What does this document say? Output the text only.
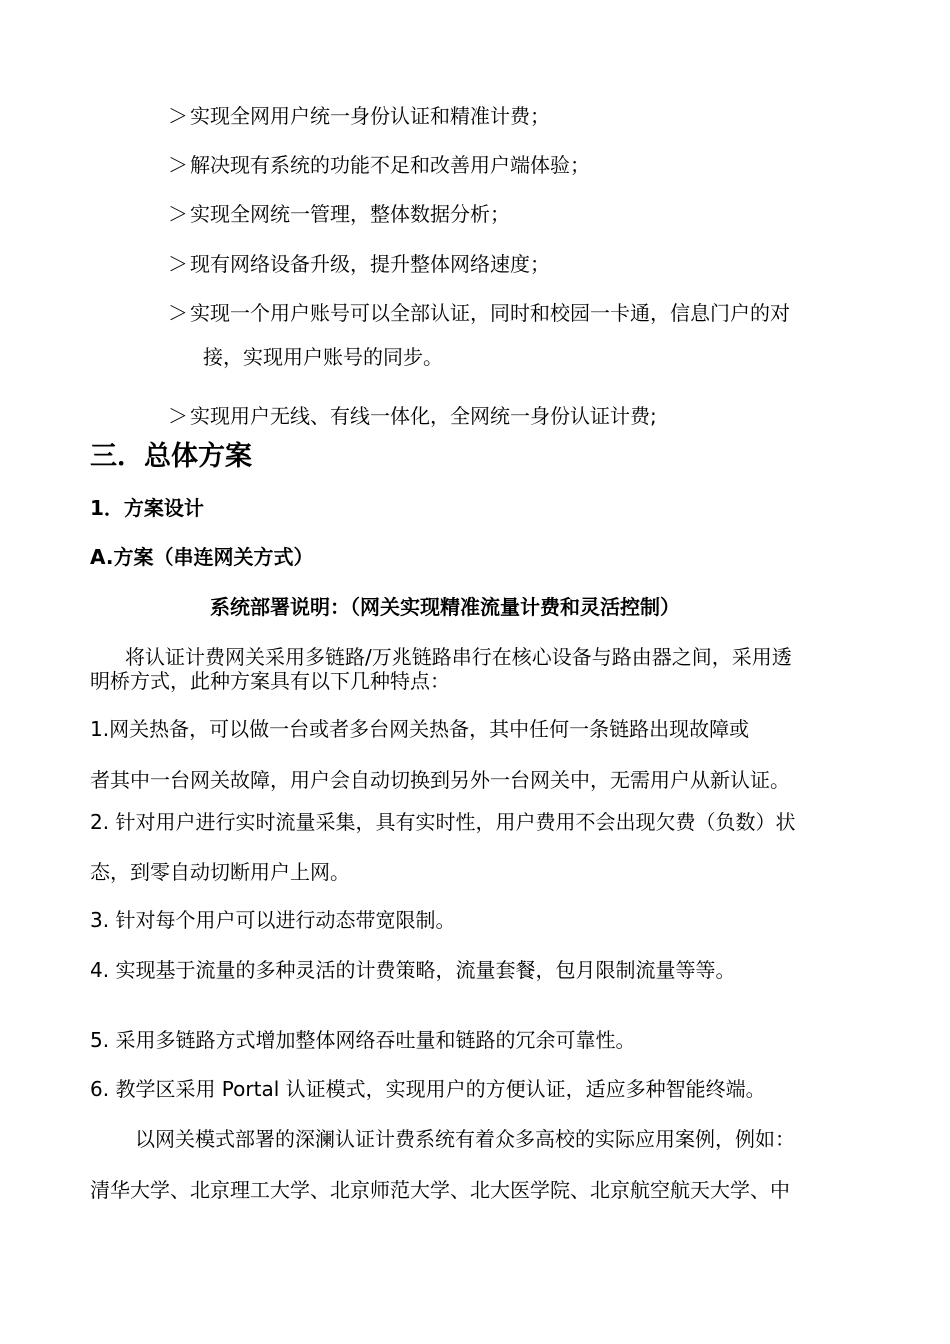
＞ 实现全网用户统一身份认证和精准计费；
＞ 解决现有系统的功能不足和改善用户端体验；
＞ 实现全网统一管理，整体数据分析；
＞ 现有网络设备升级，提升整体网络速度；
＞ 实现一个用户账号可以全部认证，同时和校园一卡通，信息门户的对
接，实现用户账号的同步。
＞ 实现用户无线、有线一体化，全网统一身份认证计费;
三．总体方案
1．方案设计
A.方案（串连网关方式）
系统部署说明：（网关实现精准流量计费和灵活控制）
将认证计费网关采用多链路/万兆链路串行在核心设备与路由器之间，采用透
明桥方式，此种方案具有以下几种特点：
1.网关热备，可以做一台或者多台网关热备，其中任何一条链路出现故障或
者其中一台网关故障，用户会自动切换到另外一台网关中，无需用户从新认证。
2. 针对用户进行实时流量采集，具有实时性，用户费用不会出现欠费（负数）状
态，到零自动切断用户上网。
3. 针对每个用户可以进行动态带宽限制。
4. 实现基于流量的多种灵活的计费策略，流量套餐，包月限制流量等等。
5. 采用多链路方式增加整体网络吞吐量和链路的冗余可靠性。
6. 教学区采用 Portal 认证模式，实现用户的方便认证，适应多种智能终端。
以网关模式部署的深澜认证计费系统有着众多高校的实际应用案例，例如：
清华大学、北京理工大学、北京师范大学、北大医学院、北京航空航天大学、中
